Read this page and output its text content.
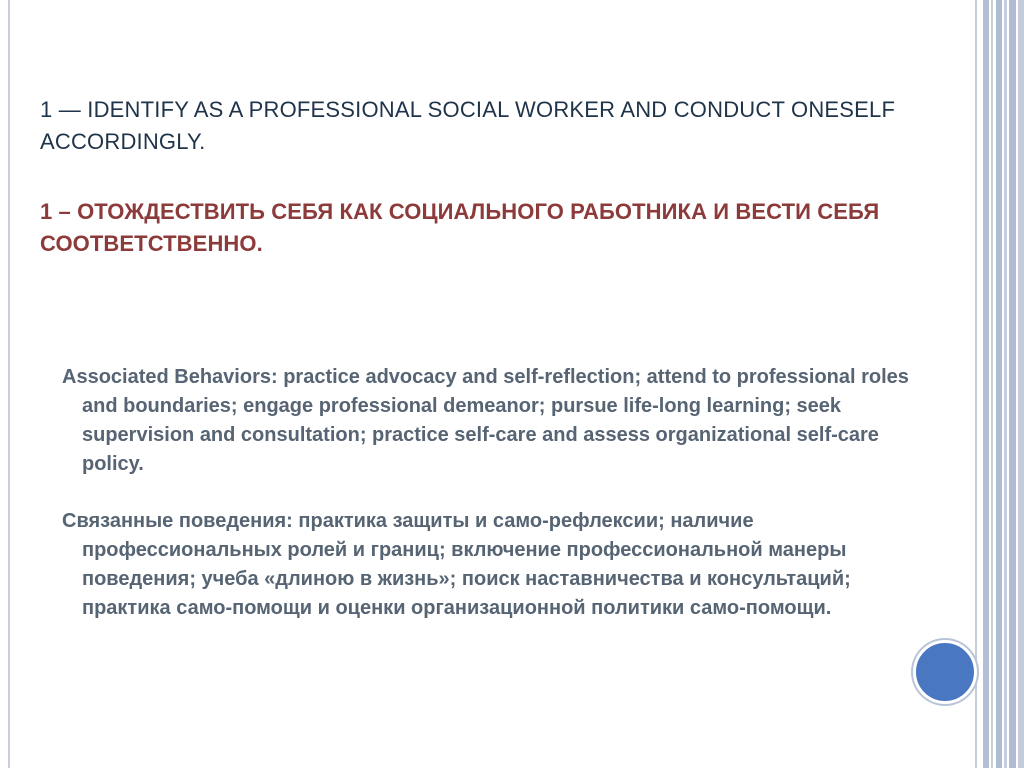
1 — IDENTIFY AS A PROFESSIONAL SOCIAL WORKER AND CONDUCT ONESELF ACCORDINGLY.

1 – ОТОЖДЕСТВИТЬ СЕБЯ КАК СОЦИАЛЬНОГО РАБОТНИКА И ВЕСТИ СЕБЯ СООТВЕТСТВЕННО.

Associated Behaviors: practice advocacy and self-reflection; attend to professional roles and boundaries; engage professional demeanor; pursue life-long learning; seek supervision and consultation; practice self-care and assess organizational self-care policy.

Связанные поведения: практика защиты и само-рефлексии; наличие профессиональных ролей и границ; включение профессиональной манеры поведения; учеба «длиною в жизнь»; поиск наставничества и консультаций; практика само-помощи и оценки организационной политики само-помощи.
